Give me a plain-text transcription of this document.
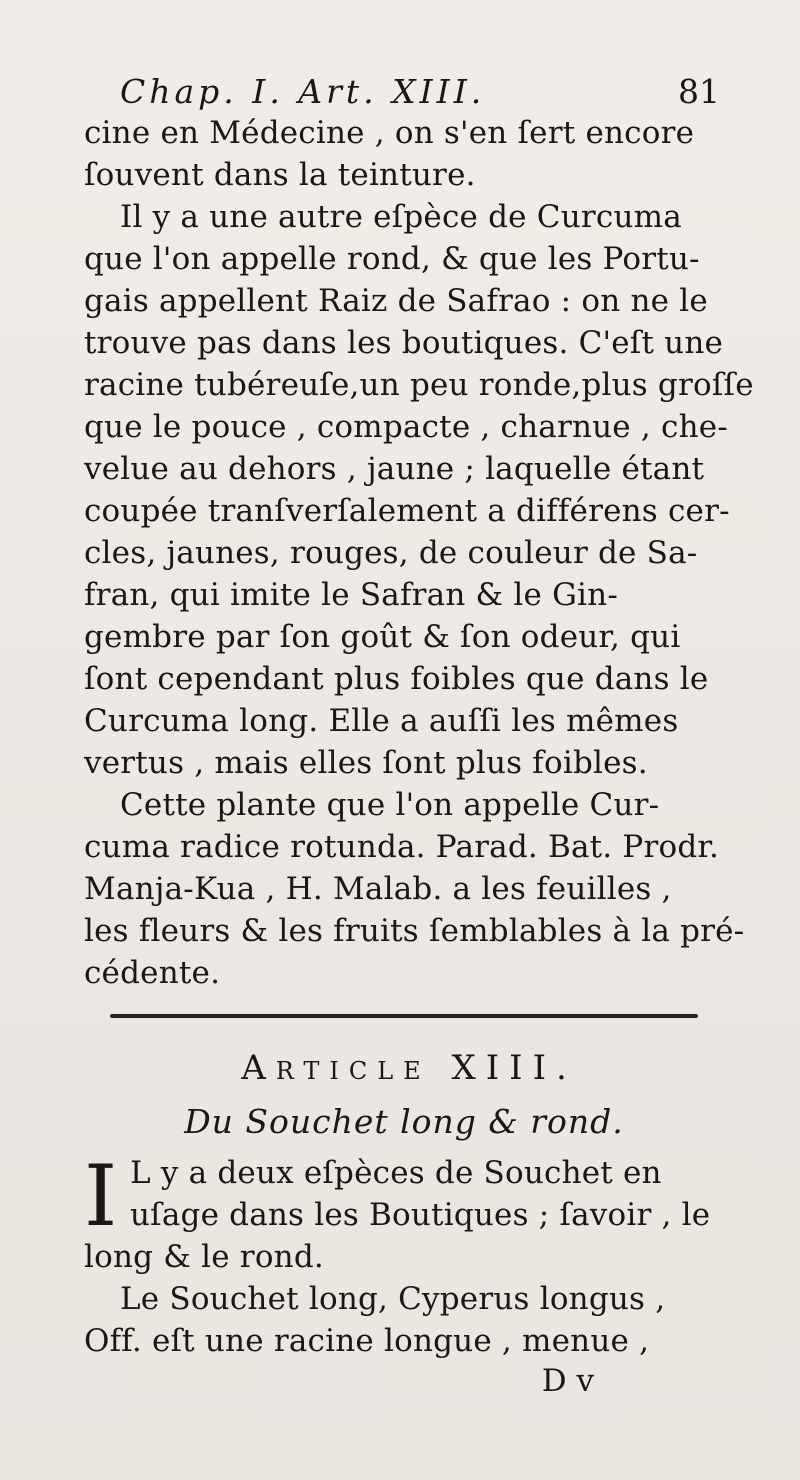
Chap. I. Art. XIII.	81
cine en Médecine , on s'en ſert encore
ſouvent dans la teinture.
Il y a une autre eſpèce de Curcuma
que l'on appelle rond, & que les Portu-
gais appellent Raiz de Safrao : on ne le
trouve pas dans les boutiques. C'eſt une
racine tubéreuſe,un peu ronde,plus groſſe
que le pouce , compacte , charnue , che-
velue au dehors , jaune ; laquelle étant
coupée tranſverſalement a différens cer-
cles, jaunes, rouges, de couleur de Sa-
fran, qui imite le Safran & le Gin-
gembre par ſon goût & ſon odeur, qui
ſont cependant plus foibles que dans le
Curcuma long. Elle a auſſi les mêmes
vertus , mais elles ſont plus foibles.
Cette plante que l'on appelle Cur-
cuma radice rotunda. Parad. Bat. Prodr.
Manja-Kua , H. Malab. a les feuilles ,
les fleurs & les fruits ſemblables à la pré-
cédente.
Article XIII.
Du Souchet long & rond.
I L y a deux eſpèces de Souchet en
uſage dans les Boutiques ; ſavoir , le
long & le rond.
Le Souchet long, Cyperus longus ,
Off. eſt une racine longue , menue ,
D v
